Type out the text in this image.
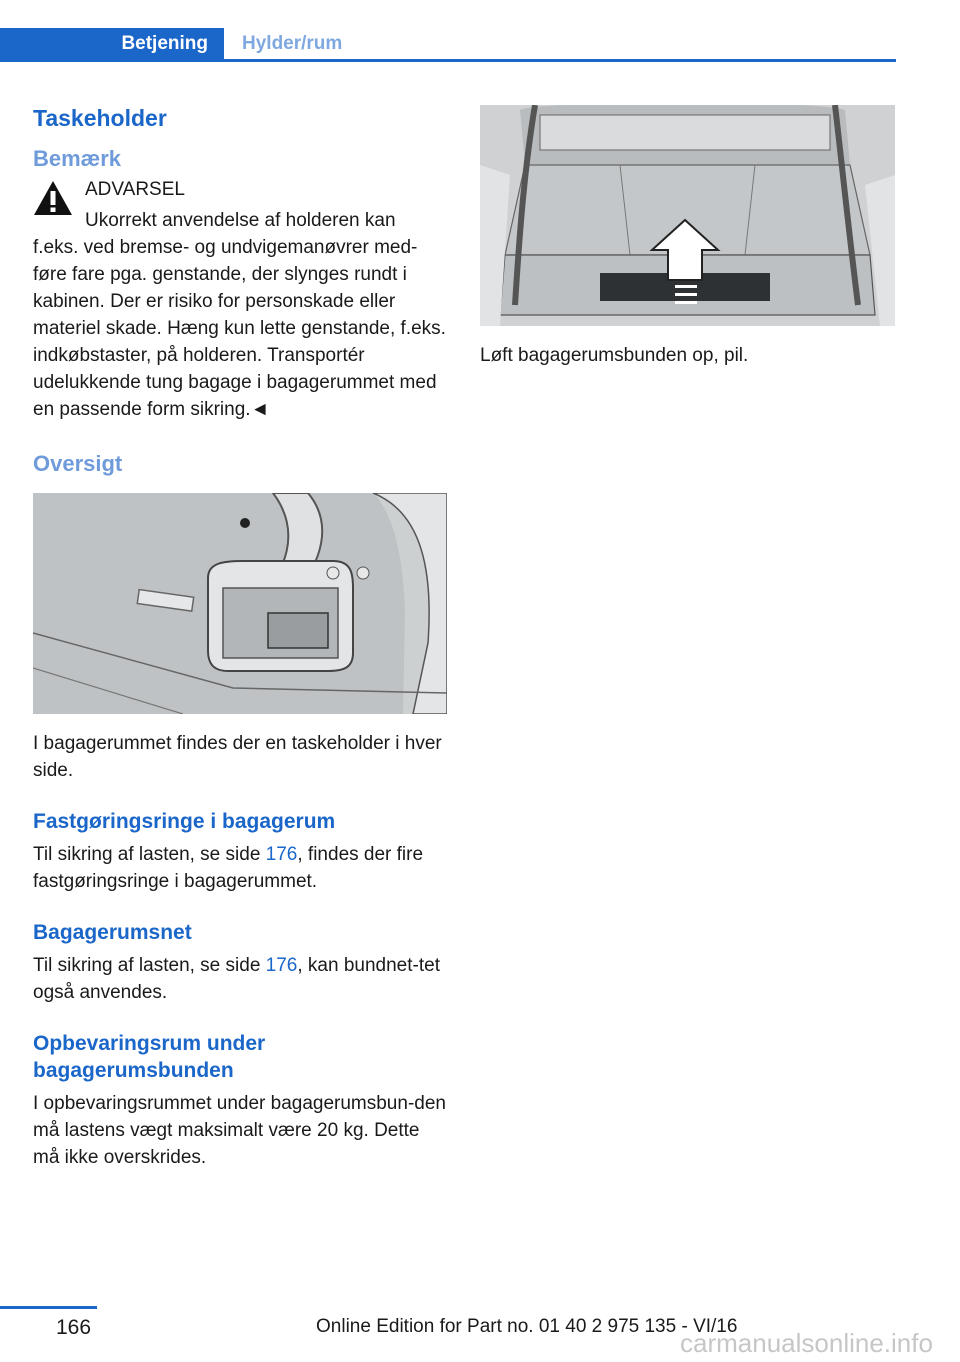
Betjening	Hylder/rum
Taskeholder
Bemærk

ADVARSEL

Ukorrekt anvendelse af holderen kan

f.eks. ved bremse- og undvigemanøvrer med-føre fare pga. genstande, der slynges rundt i kabinen. Der er risiko for personskade eller materiel skade. Hæng kun lette genstande, f.eks. indkøbstaster, på holderen. Transportér udelukkende tung bagage i bagagerummet med en passende form sikring.◄

Oversigt

I bagagerummet findes der en taskeholder i hver side.

Fastgøringsringe i bagagerum

Til sikring af lasten, se side 176, findes der fire fastgøringsringe i bagagerummet.

Bagagerumsnet

Til sikring af lasten, se side 176, kan bundnet-tet også anvendes.

Opbevaringsrum under bagagerumsbunden

I opbevaringsrummet under bagagerumsbun-den må lastens vægt maksimalt være 20 kg. Dette må ikke overskrides.

Løft bagagerumsbunden op, pil.

166	Online Edition for Part no. 01 40 2 975 135 - VI/16
carmanualsonline.info
